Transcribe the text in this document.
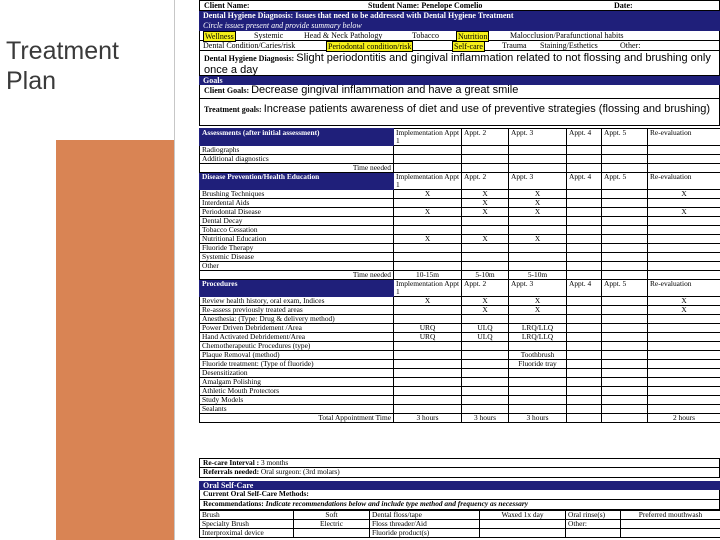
Treatment Plan
Client Name:	Student Name: Penelope Comelio	Date:
Dental Hygiene Diagnosis: Issues that need to be addressed with Dental Hygiene Treatment
Circle issues present and provide summary below
Wellness	Systemic	Head & Neck Pathology	Tobacco Nutrition	Malocclusion/Parafunctional habits
Dental Condition/Caries/risk	Periodontal condition/risk	Self-care Trauma Staining/Esthetics	Other:
Dental Hygiene Diagnosis: Slight periodontitis and gingival inflammation related to not flossing and brushing only once a day
Goals
Client Goals: Decrease gingival inflammation and have a great smile
Treatment goals: Increase patients awareness of diet and use of preventive strategies (flossing and brushing)
Assessments (after initial assessment)	Implementation Appt 1	Appt. 2	Appt. 3	Appt. 4	Appt. 5	Re-evaluation
Radiographs						
Additional diagnostics						
Time needed						
Disease Prevention/Health Education	Implementation Appt 1	Appt. 2	Appt. 3	Appt. 4	Appt. 5	Re-evaluation
Brushing Techniques	X	X	X			X
Interdental Aids		X	X			
Periodontal Disease	X	X	X			X
Dental Decay						
Tobacco Cessation						
Nutritional Education	X	X	X			
Fluoride Therapy						
Systemic Disease						
Other						
Time needed	10-15m	5-10m	5-10m			
Procedures	Implementation Appt 1	Appt. 2	Appt. 3	Appt. 4	Appt. 5	Re-evaluation
Review health history, oral exam, Indices	X	X	X			X
Re-assess previously treated areas		X	X			X
Anesthesia: (Type: Drug & delivery method)						
Power Driven Debridement /Area	URQ	ULQ	LRQ/LLQ			
Hand Activated Debridement/Area	URQ	ULQ	LRQ/LLQ			
Chemotherapeutic Procedures (type)						
Plaque Removal (method)			Toothbrush			
Fluoride treatment: (Type of fluoride)			Fluoride tray			
Desensitization						
Amalgam Polishing						
Athletic Mouth Protectors						
Study Models						
Sealants						
Total Appointment Time	3 hours	3 hours	3 hours			2 hours
Re-care Interval : 3 months
Referrals needed: Oral surgeon: (3rd molars)
Oral Self-Care
Current Oral Self-Care Methods:
Recommendations: Indicate recommendations below and include type method and frequency as necessary
Brush	Soft	Dental floss/tape	Waxed 1x day	Oral rinse(s)	Preferred mouthwash
Specialty Brush	Electric	Floss threader/Aid		Other:	
Interproximal device		Fluoride product(s)			
